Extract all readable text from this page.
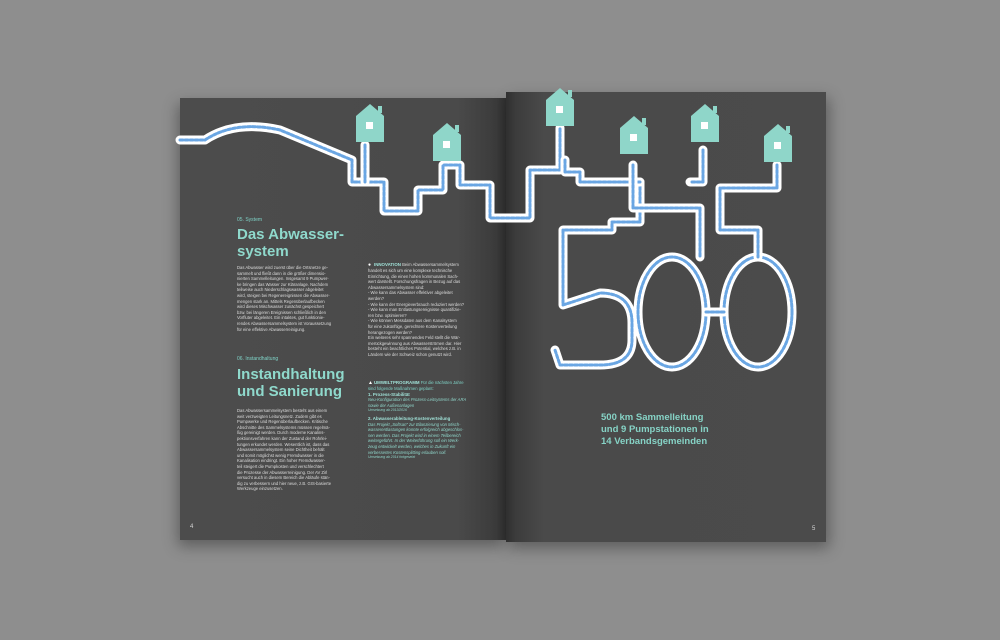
05. System
Das Abwasser-
system
Das Abwasser wird zuerst über die Ortsnetze ge-
sammelt und fließt dann in die größer dimensio-
nierten Sammelleitungen. Insgesamt 9 Pumpwer-
ke bringen das Wasser zur Kläranlage. Nachdem
teilweise auch Niederschlagswasser abgeleitet
wird, steigen bei Regenereignissen die Abwasser-
mengen stark an. Mittels Regenüberlaufbecken
wird dieses Mischwasser zunächst gespeichert
bzw. bei längeren Ereignissen schließlich in den
Vorfluter abgeleitet. Ein intaktes, gut funktionie-
rendes Abwassersammelsystem ist Voraussetzung
für eine effektive Abwasserreinigung.
06. Instandhaltung
Instandhaltung
und Sanierung
Das Abwassersammelsystem besteht aus einem
weit verzweigten Leitungsnetz. Zudem gibt es
Pumpwerke und Regenüberlaufbecken. Kritische
Abschnitte des Sammelsystems müssen regelmä-
ßig gereinigt werden. Durch moderne Kanalins-
pektionsverfahren kann der Zustand der Rohrlei-
tungen erkundet werden. Wesentlich ist, dass das
Abwassersammelsystem seine Dichtheit behält
und somit möglichst wenig Fremdwasser in die
Kanalisation eindringt. Ein hoher Fremdwasser-
teil steigert die Pumpkosten und verschlechtert
die Prozesse der Abwasserreinigung. Der AV Zirl
versucht auch in diesem Bereich die Abläufe stän-
dig zu verbessern und hier neue, z.B. GIS-basierte
Werkzeuge einzusetzen.
● INNOVATION Beim Abwassersammelsystem
handelt es sich um eine komplexe technische
Einrichtung, die einen hohen kommunalen Sach-
wert darstellt. Forschungsfragen in Bezug auf das
Abwassersammelsystem sind:
- Wie kann das Abwasser effektiver abgeleitet
werden?
- Wie kann der Energieverbrauch reduziert werden?
- Wie kann man Entlastungsereignisse quantifizie-
ren bzw. optimieren?
- Wie können Messdaten aus dem Kanalsystem
für eine zukünftige, gerechtere Kostenverteilung
herangezogen werden?
Ein weiteres sehr spannendes Feld stellt die Wär-
merückgewinnung aus Abwasserströmen dar. Hier
besteht ein beachtliches Potential, welches z.B. in
Ländern wie der Schweiz schon genutzt wird.
▲UMWELTPROGRAMM Für die nächsten Jahre
sind folgende Maßnahmen geplant:
1. Prozess-Stabilität
Neu-Konfiguration des Prozess-Leitsystems der ARA
sowie der Außenanlagen
Umsetzung ab 2013/2016
2. Abwasserableitung-Kostenverteilung
Das Projekt „Softsan" zur Bilanzierung von Misch-
wasserentlastungen konnte erfolgreich abgeschlos-
sen werden. Das Projekt wird in einem Teilbereich
weitergeführt. In der Weiterführung soll ein Werk-
zeug entwickelt werden, welches in Zukunft ein
verbessertes Kostensplitting erlauben soll.
Umsetzung ab 2014 fortgesetzt
4
500 km Sammelleitung
und 9 Pumpstationen in
14 Verbandsgemeinden
5
